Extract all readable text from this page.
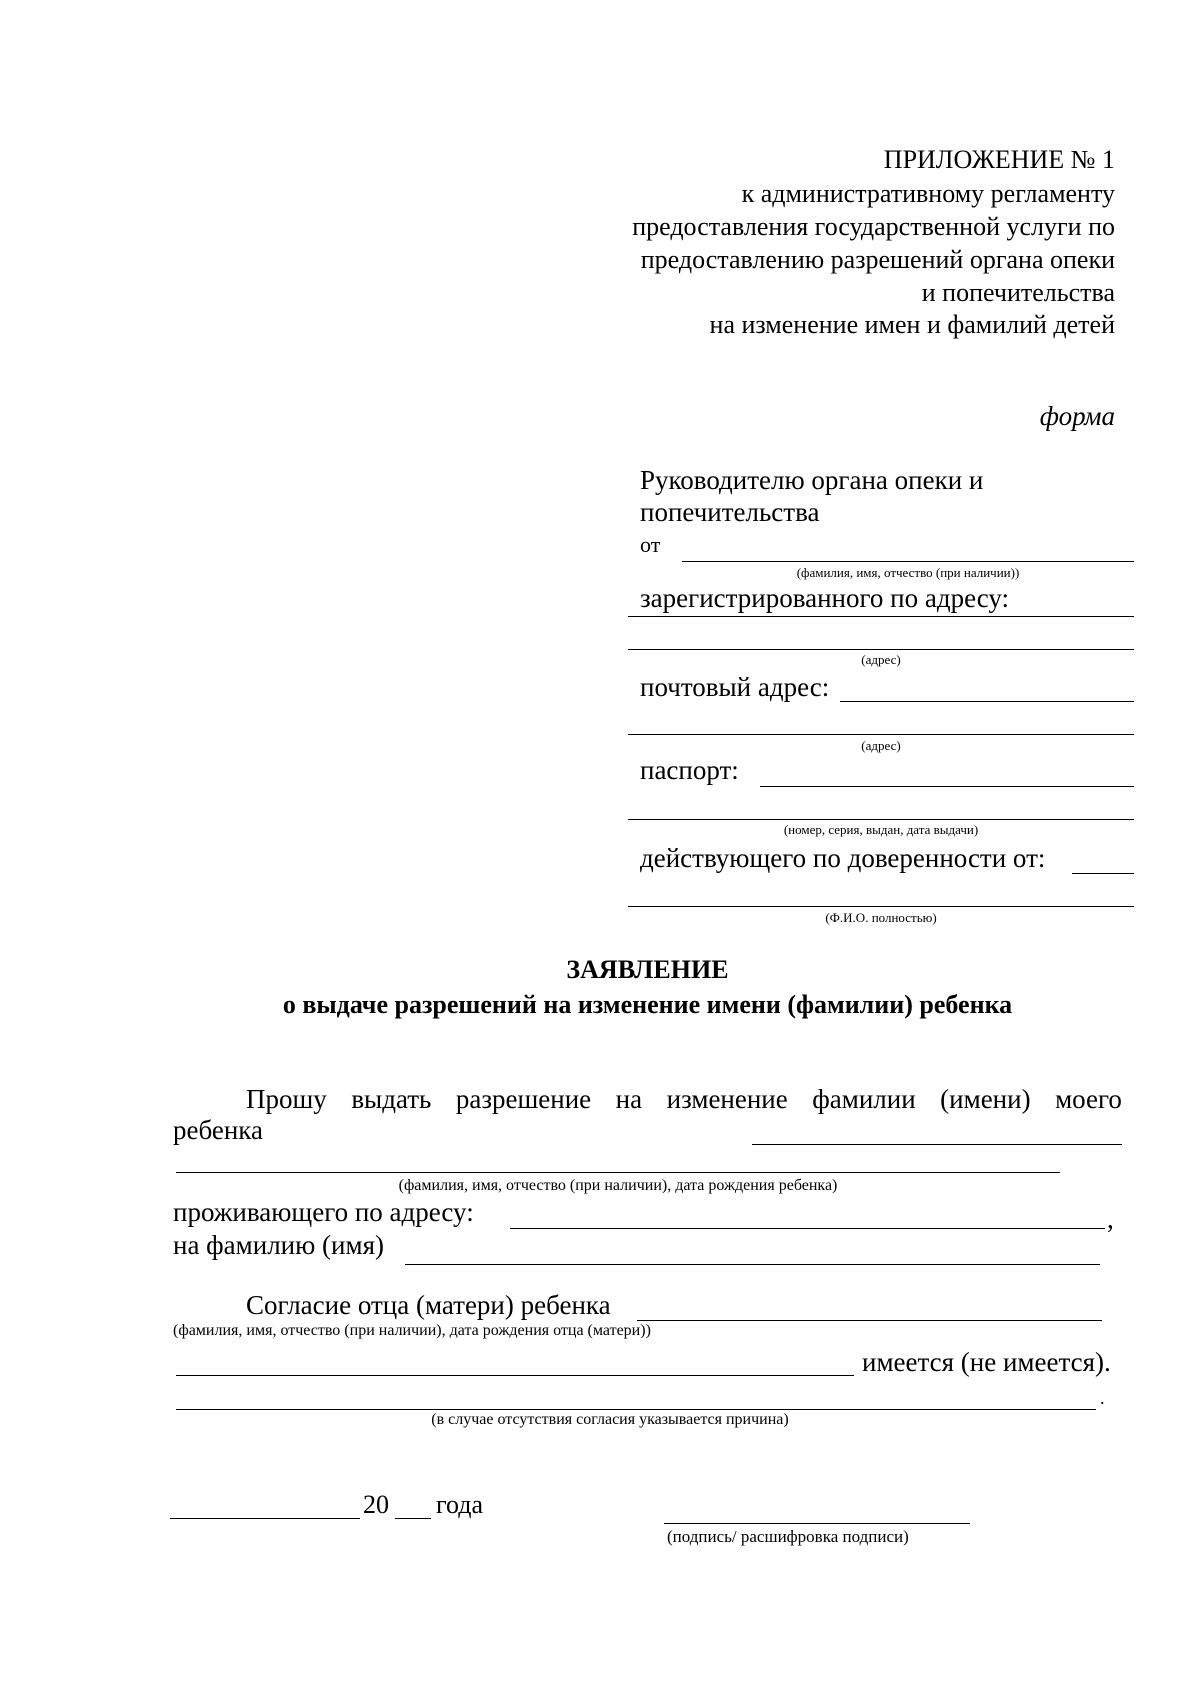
ПРИЛОЖЕНИЕ № 1
к административному регламенту
предоставления государственной услуги по
предоставлению разрешений органа опеки
и попечительства
на изменение имен и фамилий детей
форма
Руководителю органа опеки и
попечительства
от
(фамилия, имя, отчество (при наличии))
зарегистрированного по адресу:
(адрес)
почтовый адрес:
(адрес)
паспорт:
(номер, серия, выдан, дата выдачи)
действующего по доверенности от:
(Ф.И.О. полностью)
ЗАЯВЛЕНИЕ
о выдаче разрешений на изменение имени (фамилии) ребенка
Прошу выдать разрешение на изменение фамилии (имени) моего
ребенка
(фамилия, имя, отчество (при наличии), дата рождения ребенка)
проживающего по адресу:	,
на фамилию (имя)
Согласие отца (матери) ребенка
(фамилия, имя, отчество (при наличии), дата рождения отца (матери))
имеется (не имеется).
.
(в случае отсутствия согласия указывается причина)
20 года
(подпись/ расшифровка подписи)
